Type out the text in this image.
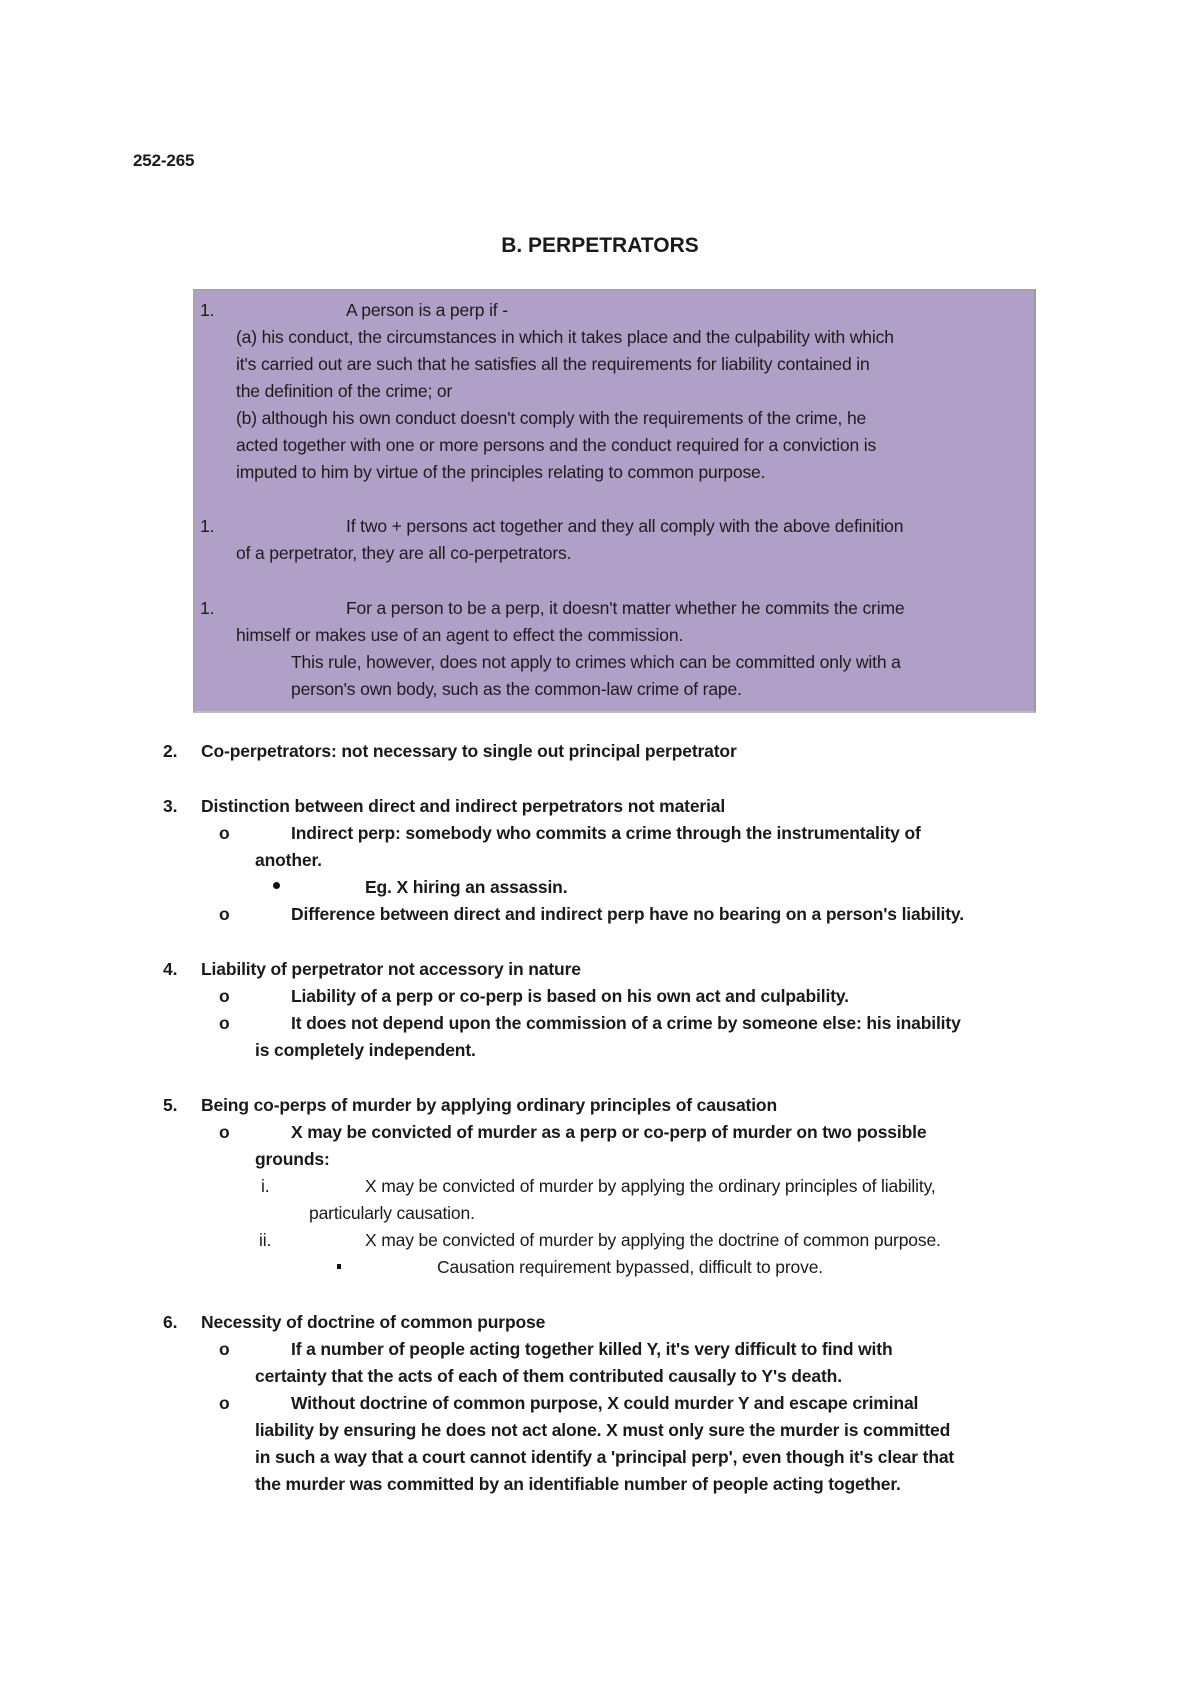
252-265
B. PERPETRATORS
1.	A person is a perp if -
(a) his conduct, the circumstances in which it takes place and the culpability with which
it's carried out are such that he satisfies all the requirements for liability contained in
the definition of the crime; or
(b) although his own conduct doesn't comply with the requirements of the crime, he
acted together with one or more persons and the conduct required for a conviction is
imputed to him by virtue of the principles relating to common purpose.
1.	If two + persons act together and they all comply with the above definition
of a perpetrator, they are all co-perpetrators.
1.	For a person to be a perp, it doesn't matter whether he commits the crime
himself or makes use of an agent to effect the commission.
This rule, however, does not apply to crimes which can be committed only with a
person's own body, such as the common-law crime of rape.
2. Co-perpetrators: not necessary to single out principal perpetrator
3. Distinction between direct and indirect perpetrators not material
o	Indirect perp: somebody who commits a crime through the instrumentality of
another.
Eg. X hiring an assassin.
o	Difference between direct and indirect perp have no bearing on a person's liability.
4. Liability of perpetrator not accessory in nature
o	Liability of a perp or co-perp is based on his own act and culpability.
o	It does not depend upon the commission of a crime by someone else: his inability
is completely independent.
5. Being co-perps of murder by applying ordinary principles of causation
o	X may be convicted of murder as a perp or co-perp of murder on two possible
grounds:
i.	X may be convicted of murder by applying the ordinary principles of liability,
particularly causation.
ii.	X may be convicted of murder by applying the doctrine of common purpose.
Causation requirement bypassed, difficult to prove.
6. Necessity of doctrine of common purpose
o	If a number of people acting together killed Y, it's very difficult to find with
certainty that the acts of each of them contributed causally to Y's death.
o	Without doctrine of common purpose, X could murder Y and escape criminal
liability by ensuring he does not act alone. X must only sure the murder is committed
in such a way that a court cannot identify a 'principal perp', even though it's clear that
the murder was committed by an identifiable number of people acting together.
